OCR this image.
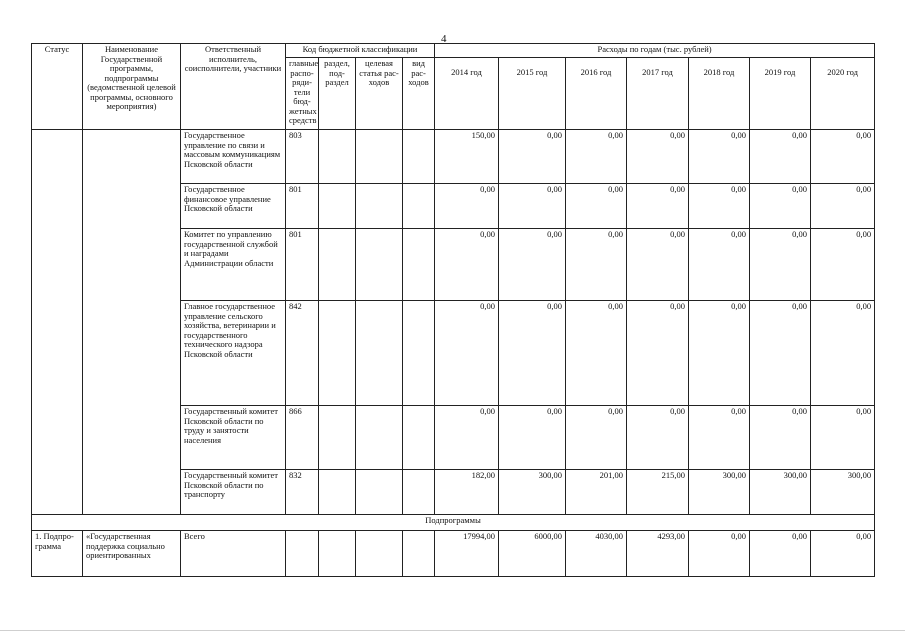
4
Статус	Наименование Государственной программы, подпрограммы (ведомственной целевой программы, основного мероприятия)	Ответственный исполнитель, соисполнители, участники	Код бюджетной классификации				Расходы по годам (тыс. рублей)						
			главные распо-ряди-тели бюд-жетных средств	раздел, под-раздел	целевая статья рас-ходов	вид рас-ходов	2014 год	2015 год	2016 год	2017 год	2018 год	2019 год	2020 год
		Государственное управление по связи и массовым коммуникациям Псковской области	803				150,00	0,00	0,00	0,00	0,00	0,00	0,00
		Государственное финансовое управление Псковской области	801				0,00	0,00	0,00	0,00	0,00	0,00	0,00
		Комитет по управлению государственной службой и наградами Администрации области	801				0,00	0,00	0,00	0,00	0,00	0,00	0,00
		Главное государственное управление сельского хозяйства, ветеринарии и государственного технического надзора Псковской области	842				0,00	0,00	0,00	0,00	0,00	0,00	0,00
		Государственный комитет Псковской области по труду и занятости населения	866				0,00	0,00	0,00	0,00	0,00	0,00	0,00
		Государственный комитет Псковской области по транспорту	832				182,00	300,00	201,00	215,00	300,00	300,00	300,00
Подпрограммы													
1. Подпро-грамма	«Государственная поддержка социально ориентированных	Всего					17994,00	6000,00	4030,00	4293,00	0,00	0,00	0,00
